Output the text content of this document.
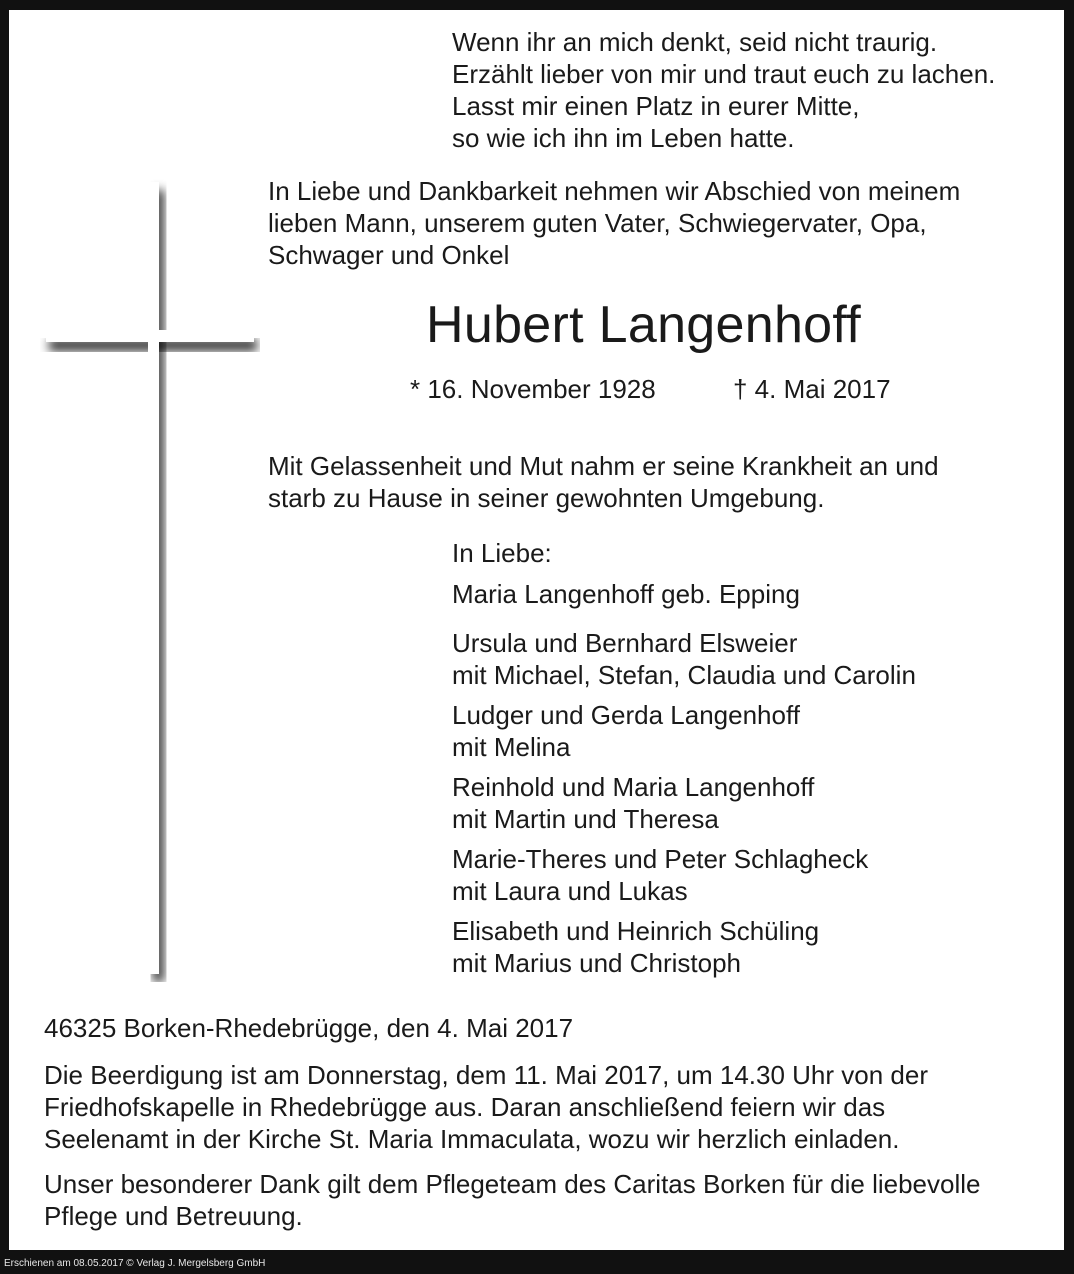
Wenn ihr an mich denkt, seid nicht traurig.
Erzählt lieber von mir und traut euch zu lachen.
Lasst mir einen Platz in eurer Mitte,
so wie ich ihn im Leben hatte.
In Liebe und Dankbarkeit nehmen wir Abschied von meinem
lieben Mann, unserem guten Vater, Schwiegervater, Opa,
Schwager und Onkel
Hubert Langenhoff
* 16. November 1928	† 4. Mai 2017
Mit Gelassenheit und Mut nahm er seine Krankheit an und
starb zu Hause in seiner gewohnten Umgebung.
In Liebe:
Maria Langenhoff geb. Epping
Ursula und Bernhard Elsweier
mit Michael, Stefan, Claudia und Carolin
Ludger und Gerda Langenhoff
mit Melina
Reinhold und Maria Langenhoff
mit Martin und Theresa
Marie-Theres und Peter Schlagheck
mit Laura und Lukas
Elisabeth und Heinrich Schüling
mit Marius und Christoph
46325 Borken-Rhedebrügge, den 4. Mai 2017
Die Beerdigung ist am Donnerstag, dem 11. Mai 2017, um 14.30 Uhr von der
Friedhofskapelle in Rhedebrügge aus. Daran anschließend feiern wir das
Seelenamt in der Kirche St. Maria Immaculata, wozu wir herzlich einladen.
Unser besonderer Dank gilt dem Pflegeteam des Caritas Borken für die liebevolle
Pflege und Betreuung.
Erschienen am 08.05.2017 © Verlag J. Mergelsberg GmbH
